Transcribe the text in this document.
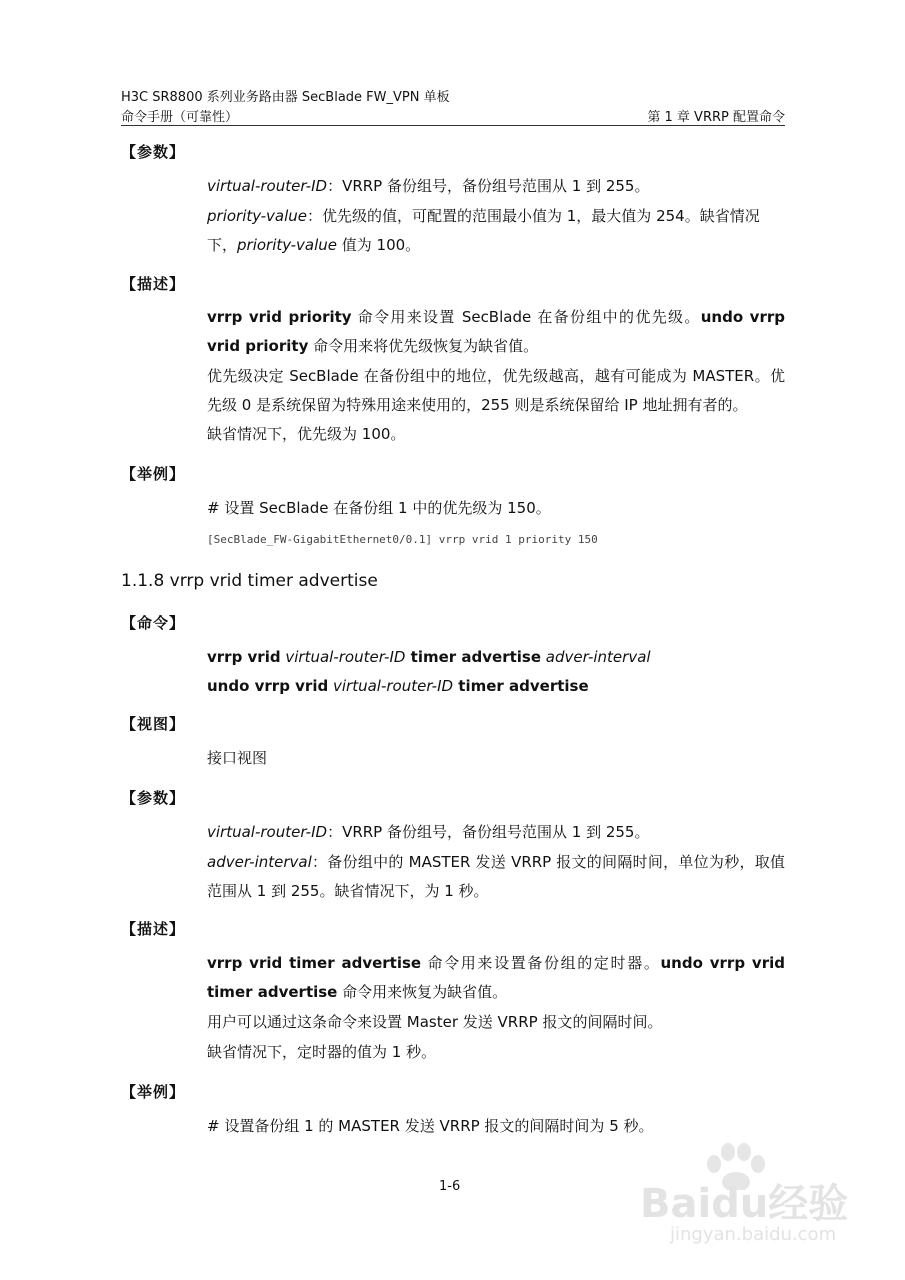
H3C SR8800 系列业务路由器 SecBlade FW_VPN 单板
命令手册（可靠性）	第 1 章 VRRP 配置命令
【参数】
virtual-router-ID：VRRP 备份组号，备份组号范围从 1 到 255。
priority-value：优先级的值，可配置的范围最小值为 1，最大值为 254。缺省情况下，priority-value 值为 100。
【描述】
vrrp vrid priority 命令用来设置 SecBlade 在备份组中的优先级。undo vrrp vrid priority 命令用来将优先级恢复为缺省值。
优先级决定 SecBlade 在备份组中的地位，优先级越高，越有可能成为 MASTER。优先级 0 是系统保留为特殊用途来使用的，255 则是系统保留给 IP 地址拥有者的。
缺省情况下，优先级为 100。
【举例】
# 设置 SecBlade 在备份组 1 中的优先级为 150。
[SecBlade_FW-GigabitEthernet0/0.1] vrrp vrid 1 priority 150
1.1.8 vrrp vrid timer advertise
【命令】
vrrp vrid virtual-router-ID timer advertise adver-interval
undo vrrp vrid virtual-router-ID timer advertise
【视图】
接口视图
【参数】
virtual-router-ID：VRRP 备份组号，备份组号范围从 1 到 255。
adver-interval：备份组中的 MASTER 发送 VRRP 报文的间隔时间，单位为秒，取值范围从 1 到 255。缺省情况下，为 1 秒。
【描述】
vrrp vrid timer advertise 命令用来设置备份组的定时器。undo vrrp vrid timer advertise 命令用来恢复为缺省值。
用户可以通过这条命令来设置 Master 发送 VRRP 报文的间隔时间。
缺省情况下，定时器的值为 1 秒。
【举例】
# 设置备份组 1 的 MASTER 发送 VRRP 报文的间隔时间为 5 秒。
1-6	Baidu经验
jingyan.baidu.com
